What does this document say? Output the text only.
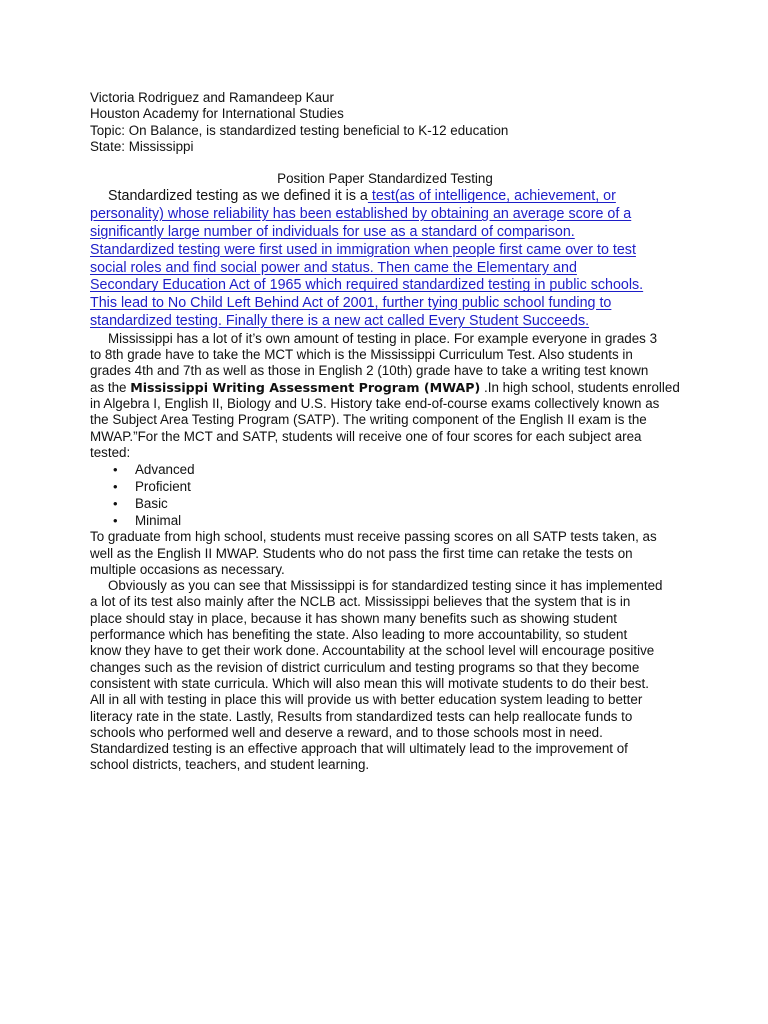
Victoria Rodriguez and Ramandeep Kaur
Houston Academy for International Studies
Topic: On Balance, is standardized testing beneficial to K-12 education
State: Mississippi
Position Paper Standardized Testing
Standardized testing as we defined it is a test(as of intelligence, achievement, or
personality) whose reliability has been established by obtaining an average score of a
significantly large number of individuals for use as a standard of comparison.
Standardized testing were first used in immigration when people first came over to test
social roles and find social power and status. Then came the Elementary and
Secondary Education Act of 1965 which required standardized testing in public schools.
This lead to No Child Left Behind Act of 2001, further tying public school funding to
standardized testing. Finally there is a new act called Every Student Succeeds.
Mississippi has a lot of it’s own amount of testing in place. For example everyone in grades 3
to 8th grade have to take the MCT which is the Mississippi Curriculum Test. Also students in
grades 4th and 7th as well as those in English 2 (10th) grade have to take a writing test known
as the Mississippi Writing Assessment Program (MWAP) .In high school, students enrolled
in Algebra I, English II, Biology and U.S. History take end-of-course exams collectively known as
the Subject Area Testing Program (SATP). The writing component of the English II exam is the
MWAP.”For the MCT and SATP, students will receive one of four scores for each subject area
tested:
• Advanced
• Proficient
• Basic
• Minimal
To graduate from high school, students must receive passing scores on all SATP tests taken, as
well as the English II MWAP. Students who do not pass the first time can retake the tests on
multiple occasions as necessary.
Obviously as you can see that Mississippi is for standardized testing since it has implemented
a lot of its test also mainly after the NCLB act. Mississippi believes that the system that is in
place should stay in place, because it has shown many benefits such as showing student
performance which has benefiting the state. Also leading to more accountability, so student
know they have to get their work done. Accountability at the school level will encourage positive
changes such as the revision of district curriculum and testing programs so that they become
consistent with state curricula. Which will also mean this will motivate students to do their best.
All in all with testing in place this will provide us with better education system leading to better
literacy rate in the state. Lastly, Results from standardized tests can help reallocate funds to
schools who performed well and deserve a reward, and to those schools most in need.
Standardized testing is an effective approach that will ultimately lead to the improvement of
school districts, teachers, and student learning.
